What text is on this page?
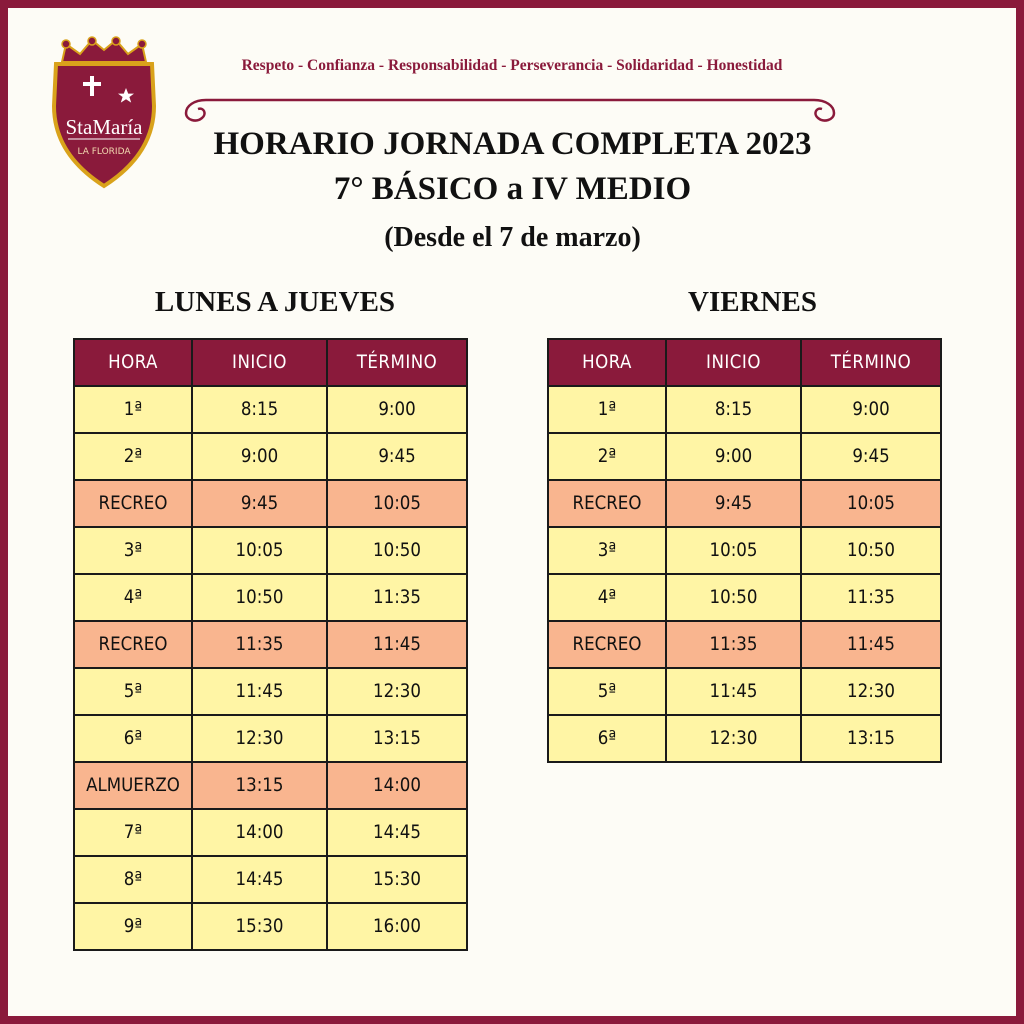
StaMaría
LA FLORIDA
Respeto - Confianza - Responsabilidad - Perseverancia - Solidaridad - Honestidad
HORARIO JORNADA COMPLETA 2023
7° BÁSICO a IV MEDIO
(Desde el 7 de marzo)
LUNES A JUEVES	VIERNES
HORA	INICIO	TÉRMINO
1ª	8:15	9:00
2ª	9:00	9:45
RECREO	9:45	10:05
3ª	10:05	10:50
4ª	10:50	11:35
RECREO	11:35	11:45
5ª	11:45	12:30
6ª	12:30	13:15
ALMUERZO	13:15	14:00
7ª	14:00	14:45
8ª	14:45	15:30
9ª	15:30	16:00
HORA	INICIO	TÉRMINO
1ª	8:15	9:00
2ª	9:00	9:45
RECREO	9:45	10:05
3ª	10:05	10:50
4ª	10:50	11:35
RECREO	11:35	11:45
5ª	11:45	12:30
6ª	12:30	13:15
